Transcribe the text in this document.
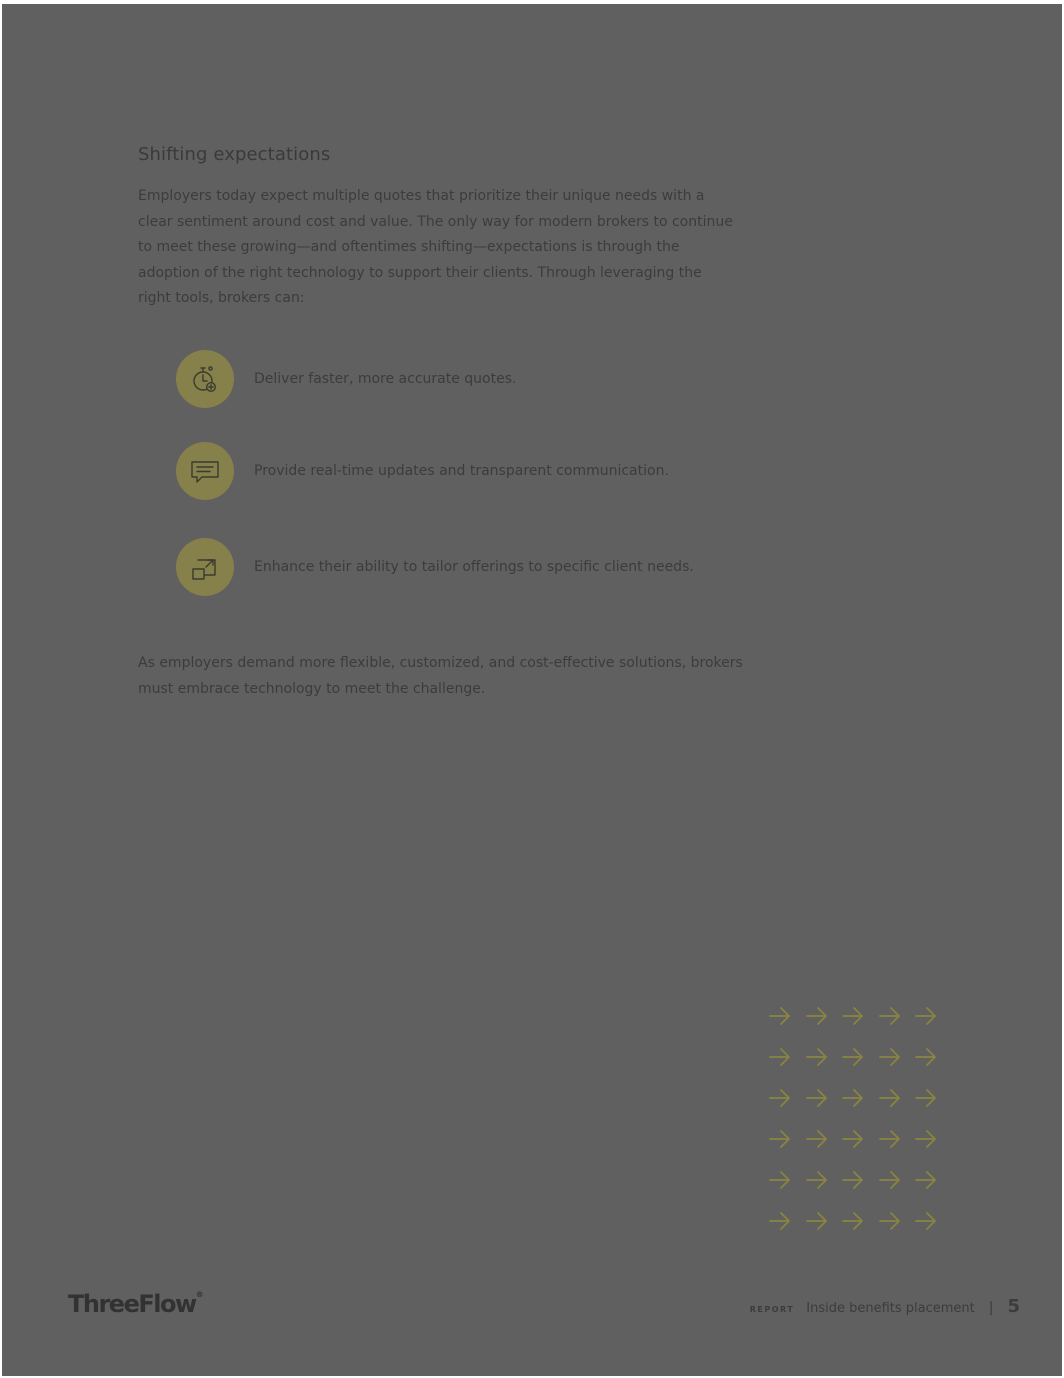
Shifting expectations
Employers today expect multiple quotes that prioritize their unique needs with a clear sentiment around cost and value. The only way for modern brokers to continue to meet these growing—and oftentimes shifting—expectations is through the adoption of the right technology to support their clients. Through leveraging the right tools, brokers can:
Deliver faster, more accurate quotes.
Provide real-time updates and transparent communication.
Enhance their ability to tailor offerings to specific client needs.
As employers demand more flexible, customized, and cost-effective solutions, brokers must embrace technology to meet the challenge.
ThreeFlow®
REPORT Inside benefits placement | 5
